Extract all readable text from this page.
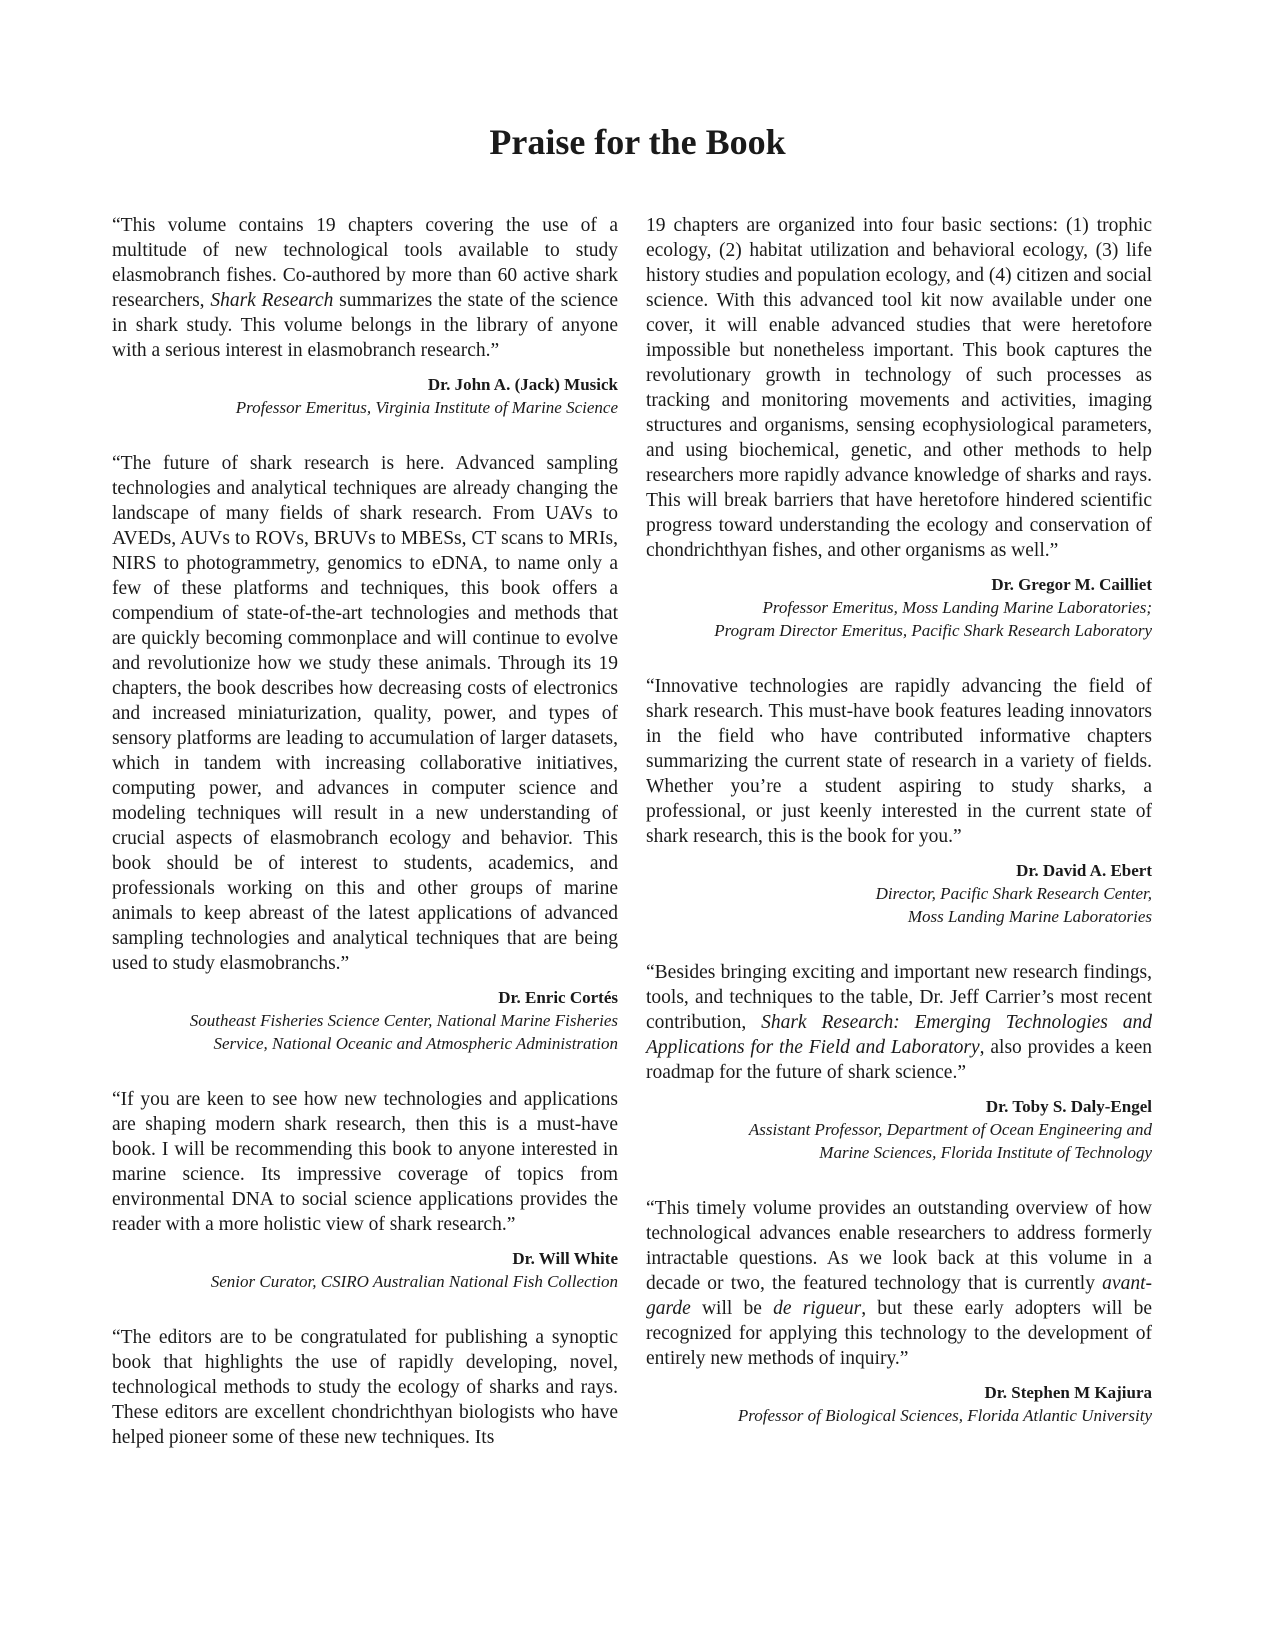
Praise for the Book

“This volume contains 19 chapters covering the use of a multitude of new technological tools available to study elasmobranch fishes. Co-authored by more than 60 active shark researchers, Shark Research summarizes the state of the science in shark study. This volume belongs in the library of anyone with a serious interest in elasmobranch research.”

Dr. John A. (Jack) Musick
Professor Emeritus, Virginia Institute of Marine Science

“The future of shark research is here. Advanced sampling technologies and analytical techniques are already changing the landscape of many fields of shark research. From UAVs to AVEDs, AUVs to ROVs, BRUVs to MBESs, CT scans to MRIs, NIRS to photogrammetry, genomics to eDNA, to name only a few of these platforms and techniques, this book offers a compendium of state-of-the-art technologies and methods that are quickly becoming commonplace and will continue to evolve and revolutionize how we study these animals. Through its 19 chapters, the book describes how decreasing costs of electronics and increased miniaturization, quality, power, and types of sensory platforms are leading to accumulation of larger datasets, which in tandem with increasing collaborative initiatives, computing power, and advances in computer science and modeling techniques will result in a new understanding of crucial aspects of elasmobranch ecology and behavior. This book should be of interest to students, academics, and professionals working on this and other groups of marine animals to keep abreast of the latest applications of advanced sampling technologies and analytical techniques that are being used to study elasmobranchs.”

Dr. Enric Cortés
Southeast Fisheries Science Center, National Marine Fisheries
Service, National Oceanic and Atmospheric Administration

“If you are keen to see how new technologies and applications are shaping modern shark research, then this is a must-have book. I will be recommending this book to anyone interested in marine science. Its impressive coverage of topics from environmental DNA to social science applications provides the reader with a more holistic view of shark research.”

Dr. Will White
Senior Curator, CSIRO Australian National Fish Collection

“The editors are to be congratulated for publishing a synoptic book that highlights the use of rapidly developing, novel, technological methods to study the ecology of sharks and rays. These editors are excellent chondrichthyan biologists who have helped pioneer some of these new techniques. Its

19 chapters are organized into four basic sections: (1) trophic ecology, (2) habitat utilization and behavioral ecology, (3) life history studies and population ecology, and (4) citizen and social science. With this advanced tool kit now available under one cover, it will enable advanced studies that were heretofore impossible but nonetheless important. This book captures the revolutionary growth in technology of such processes as tracking and monitoring movements and activities, imaging structures and organisms, sensing ecophysiological parameters, and using biochemical, genetic, and other methods to help researchers more rapidly advance knowledge of sharks and rays. This will break barriers that have heretofore hindered scientific progress toward understanding the ecology and conservation of chondrichthyan fishes, and other organisms as well.”

Dr. Gregor M. Cailliet
Professor Emeritus, Moss Landing Marine Laboratories;
Program Director Emeritus, Pacific Shark Research Laboratory

“Innovative technologies are rapidly advancing the field of shark research. This must-have book features leading innovators in the field who have contributed informative chapters summarizing the current state of research in a variety of fields. Whether you’re a student aspiring to study sharks, a professional, or just keenly interested in the current state of shark research, this is the book for you.”

Dr. David A. Ebert
Director, Pacific Shark Research Center,
Moss Landing Marine Laboratories

“Besides bringing exciting and important new research findings, tools, and techniques to the table, Dr. Jeff Carrier’s most recent contribution, Shark Research: Emerging Technologies and Applications for the Field and Laboratory, also provides a keen roadmap for the future of shark science.”

Dr. Toby S. Daly-Engel
Assistant Professor, Department of Ocean Engineering and
Marine Sciences, Florida Institute of Technology

“This timely volume provides an outstanding overview of how technological advances enable researchers to address formerly intractable questions. As we look back at this volume in a decade or two, the featured technology that is currently avant-garde will be de rigueur, but these early adopters will be recognized for applying this technology to the development of entirely new methods of inquiry.”

Dr. Stephen M Kajiura
Professor of Biological Sciences, Florida Atlantic University
